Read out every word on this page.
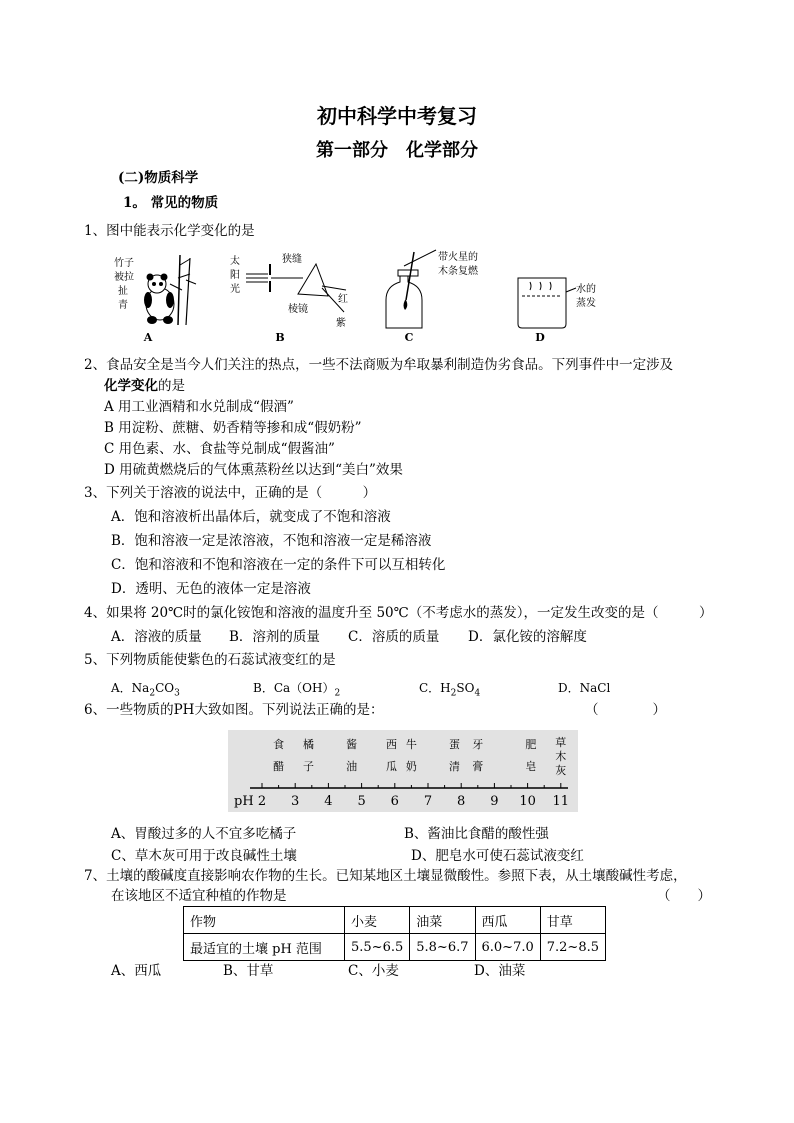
初中科学中考复习
第一部分　化学部分
(二)物质科学
1。 常见的物质
1、图中能表示化学变化的是
竹子
被拉
扯
青
A
太
阳
光
狭缝
棱镜
红
紫
B
带火星的
木条复燃
C
水的
蒸发
D
2、食品安全是当今人们关注的热点，一些不法商贩为牟取暴利制造伪劣食品。下列事件中一定涉及
化学变化的是
A 用工业酒精和水兑制成“假酒”
B 用淀粉、蔗糖、奶香精等掺和成“假奶粉”
C 用色素、水、食盐等兑制成“假酱油”
D 用硫黄燃烧后的气体熏蒸粉丝以达到“美白”效果
3、下列关于溶液的说法中，正确的是（　　　）
A．饱和溶液析出晶体后，就变成了不饱和溶液
B．饱和溶液一定是浓溶液，不饱和溶液一定是稀溶液
C．饱和溶液和不饱和溶液在一定的条件下可以互相转化
D．透明、无色的液体一定是溶液
4、如果将 20℃时的氯化铵饱和溶液的温度升至 50℃（不考虑水的蒸发），一定发生改变的是（　　　）
A．溶液的质量 B．溶剂的质量 C．溶质的质量 D．氯化铵的溶解度
5、下列物质能使紫色的石蕊试液变红的是
A．$Na_2CO_3$	B．$Ca(OH)_2$	C．$H_2SO_4$	D．NaCl
6、一些物质的PH大致如图。下列说法正确的是：	（　　　　）
食
醋
橘
子
酱
油
西
瓜
牛
奶
蛋
清
牙
膏
肥
皂
草
木
灰
pH 2 3 4 5 6 7 8 9 10 11
A、胃酸过多的人不宜多吃橘子	B、酱油比食醋的酸性强
C、草木灰可用于改良碱性土壤	D、肥皂水可使石蕊试液变红
7、土壤的酸碱度直接影响农作物的生长。已知某地区土壤显微酸性。参照下表，从土壤酸碱性考虑，
在该地区不适宜种植的作物是	（　　）
作物	小麦	油菜	西瓜	甘草
最适宜的土壤 pH 范围	5.5~6.5	5.8~6.7	6.0~7.0	7.2~8.5
A、西瓜	B、甘草	C、小麦	D、油菜
